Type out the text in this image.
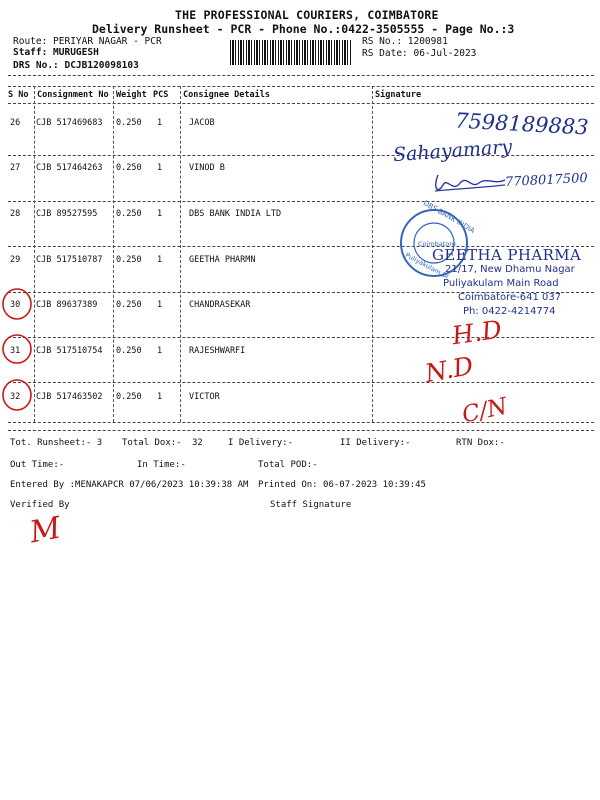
THE PROFESSIONAL COURIERS, COIMBATORE
Delivery Runsheet - PCR - Phone No.:0422-3505555 - Page No.:3
Route: PERIYAR NAGAR - PCR
Staff: MURUGESH
DRS No.: DCJB120098103
RS No.: 1200981
RS Date: 06-Jul-2023
S No Consignment No Weight PCS Consignee Details	Signature
26 CJB 517469683 0.250 1	JACOB
27 CJB 517464263 0.250 1	VINOD B
28 CJB 89527595 0.250 1	DBS BANK INDIA LTD
29 CJB 517510787 0.250 1	GEETHA PHARMN
30 CJB 89637389 0.250 1	CHANDRASEKAR
31 CJB 517510754 0.250 1	RAJESHWARFI
32 CJB 517463502 0.250 1	VICTOR
Tot. Runsheet:- 3 Total Dox:- 32	I Delivery:-	II Delivery:-	RTN Dox:-
Out Time:-	In Time:-	Total POD:-
Entered By :MENAKAPCR 07/06/2023 10:39:38 AM Printed On: 06-07-2023 10:39:45
Verified By	Staff Signature
7598189883
Sahayamary
7708017500
DBS BANK INDIA
Coimbatore
Puliyakulam Br
GEETHA PHARMA
21/17, New Dhamu Nagar
Puliyakulam Main Road
Coimbatore-641 037
Ph: 0422-4214774
H.D
N.D
C/N
M
